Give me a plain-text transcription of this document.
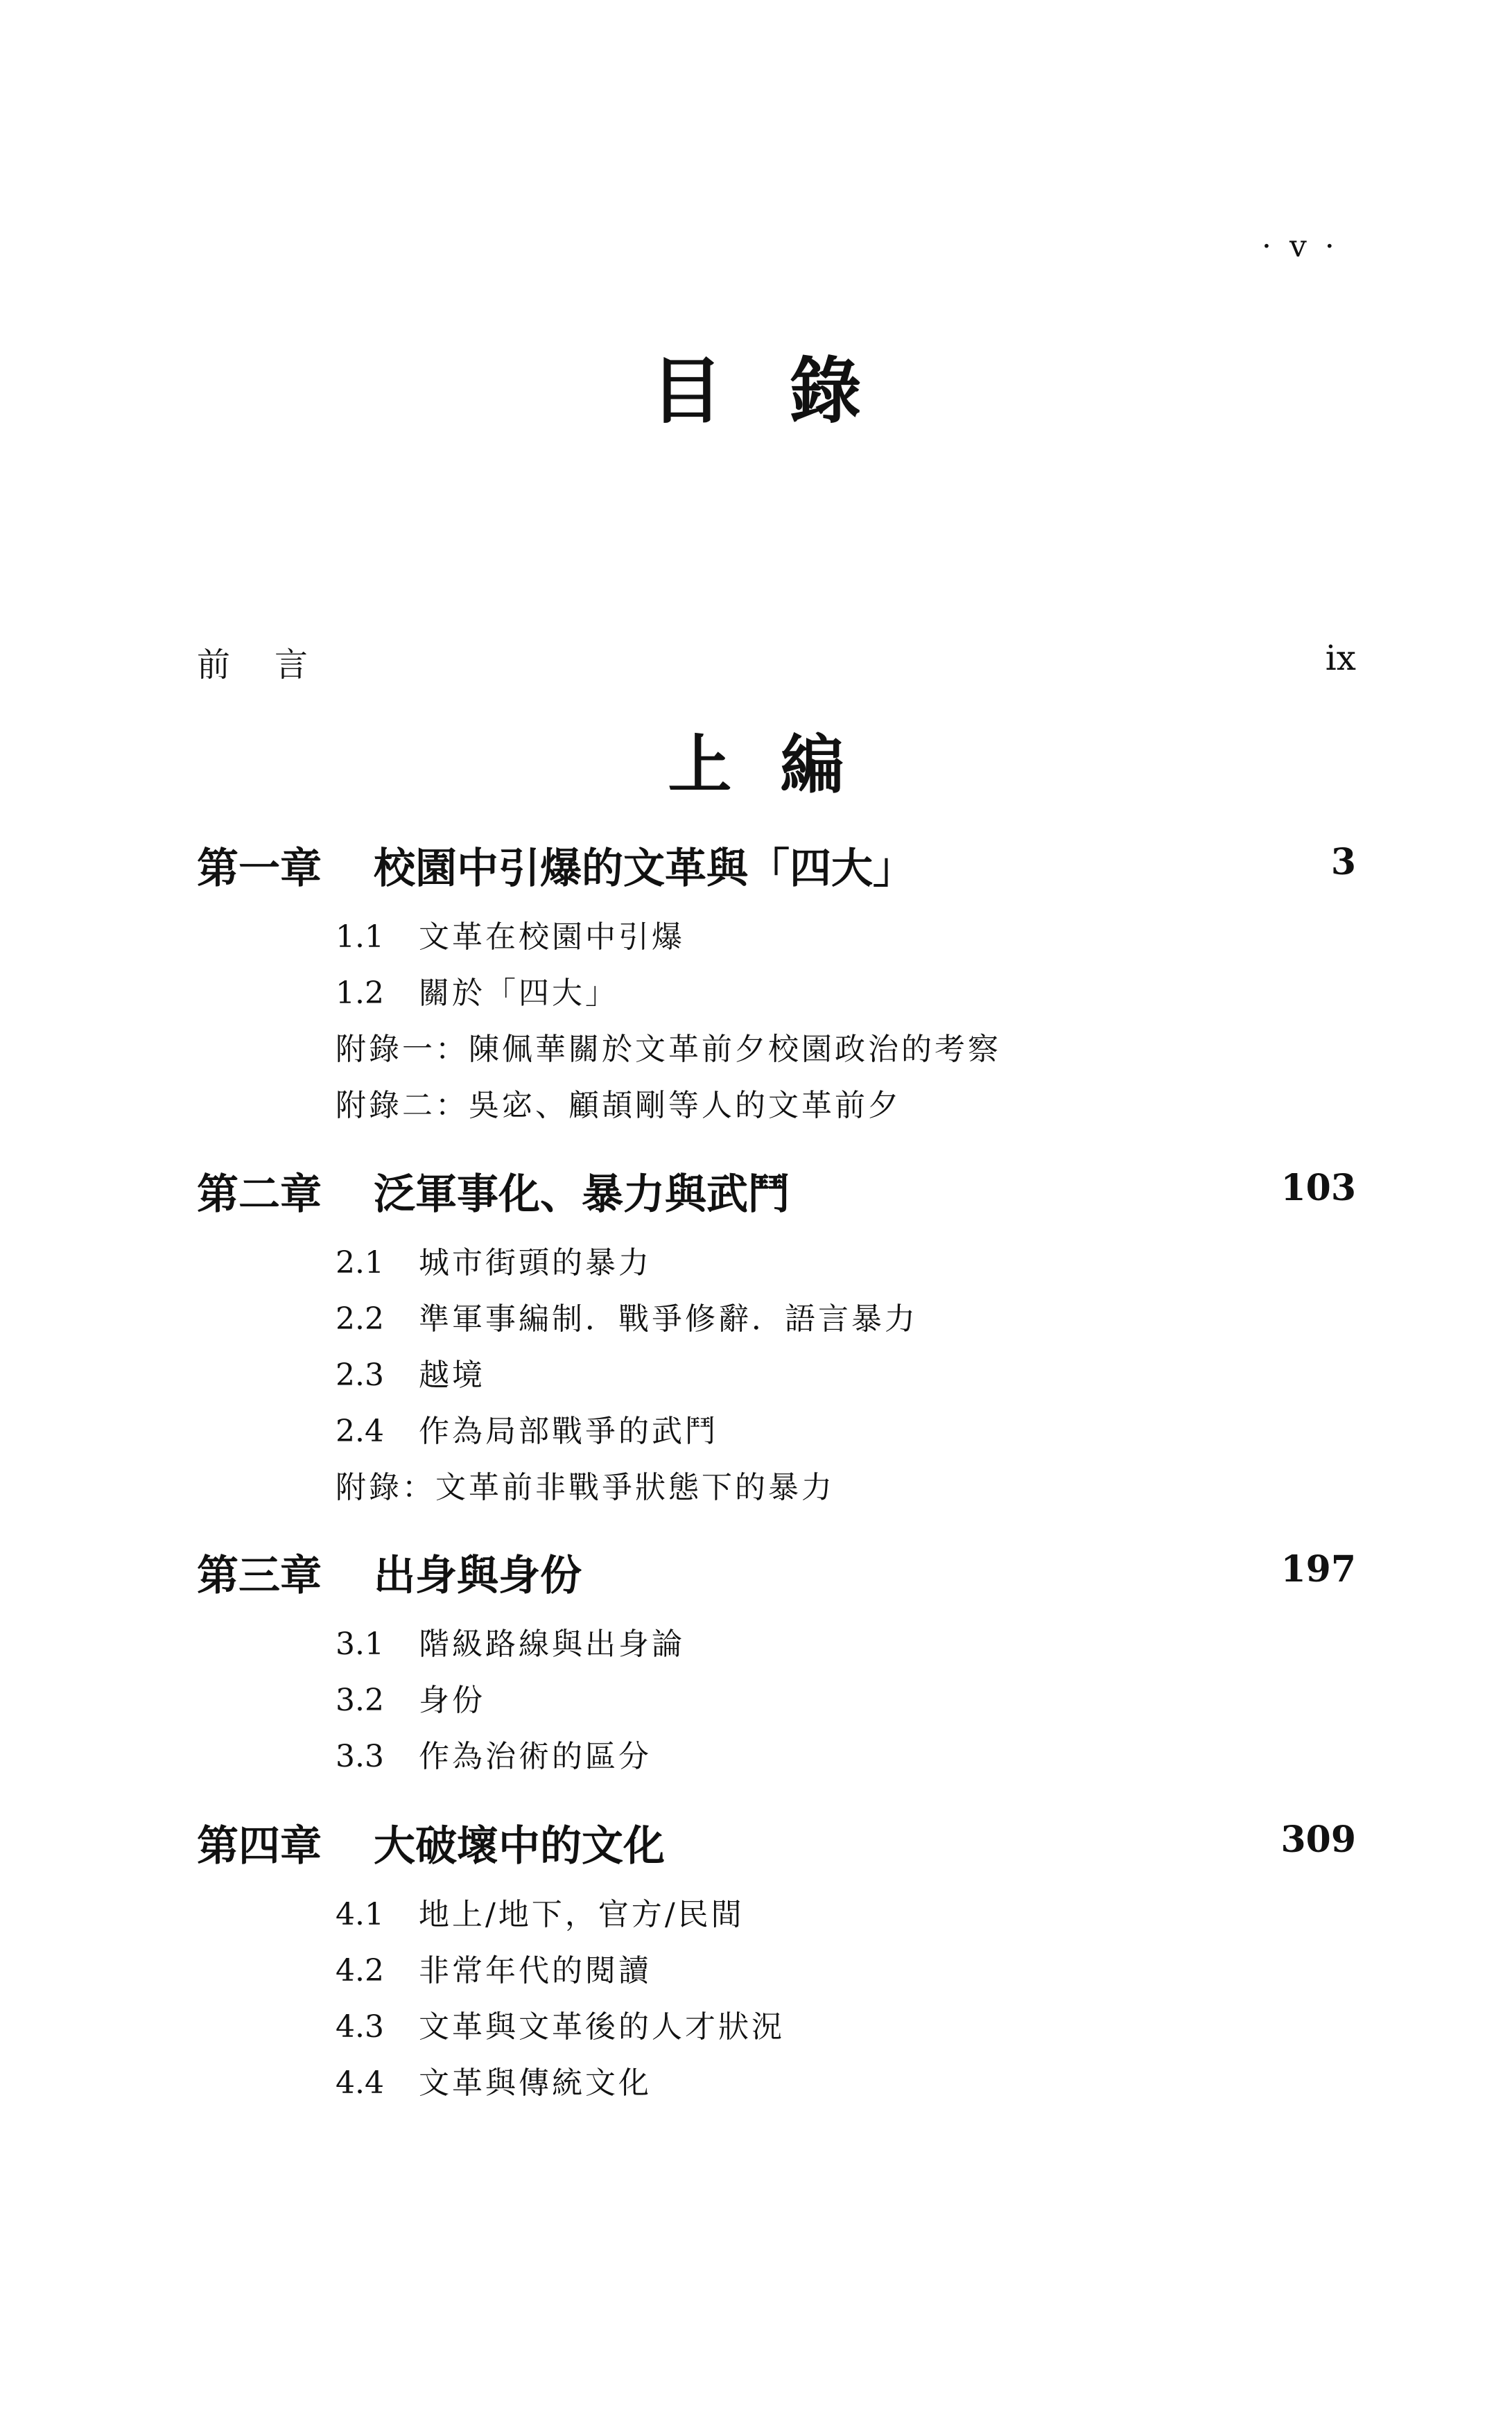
· v ·
目錄
前言	ix
上編
第一章 校園中引爆的文革與「四大」	3
1.1 文革在校園中引爆
1.2 關於「四大」
附錄一：陳佩華關於文革前夕校園政治的考察
附錄二：吳宓、顧頡剛等人的文革前夕
第二章 泛軍事化、暴力與武鬥	103
2.1 城市街頭的暴力
2.2 準軍事編制．戰爭修辭．語言暴力
2.3 越境
2.4 作為局部戰爭的武鬥
附錄：文革前非戰爭狀態下的暴力
第三章 出身與身份	197
3.1 階級路線與出身論
3.2 身份
3.3 作為治術的區分
第四章 大破壞中的文化	309
4.1 地上/地下，官方/民間
4.2 非常年代的閱讀
4.3 文革與文革後的人才狀況
4.4 文革與傳統文化
